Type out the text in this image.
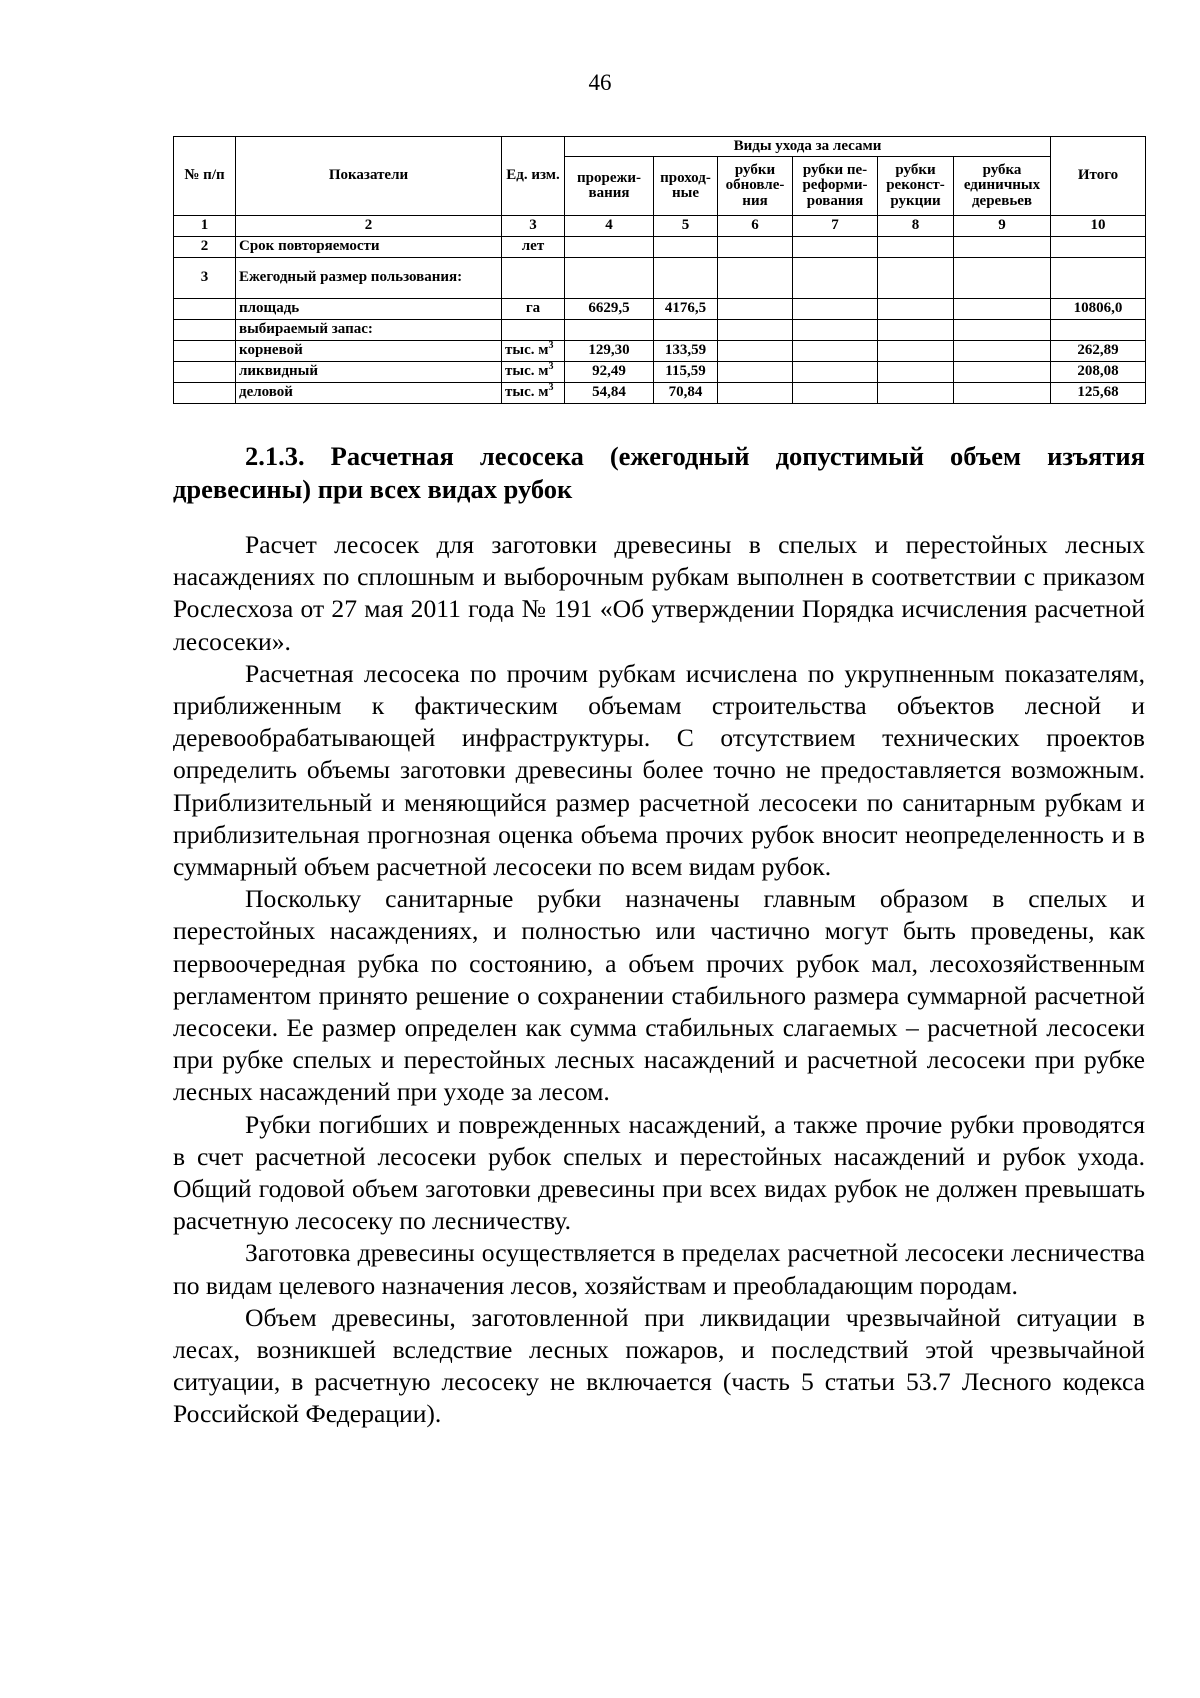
46
№ п/п	Показатели	Ед. изм.	Виды ухода за лесами						Итого
			прорежи-вания	проход-ные	рубки обновле-ния	рубки пе-реформи-рования	рубки реконст-рукции	рубка единичных деревьев	
1	2	3	4	5	6	7	8	9	10
2	Срок повторяемости	лет							
3	Ежегодный размер пользования:								
	площадь	га	6629,5	4176,5					10806,0
	выбираемый запас:								
	корневой	тыс. $м^3$	129,30	133,59					262,89
	ликвидный	тыс. $м^3$	92,49	115,59					208,08
	деловой	тыс. $м^3$	54,84	70,84					125,68
2.1.3. Расчетная лесосека (ежегодный допустимый объем изъятия древесины) при всех видах рубок

Расчет лесосек для заготовки древесины в спелых и перестойных лесных насаждениях по сплошным и выборочным рубкам выполнен в соответствии с приказом Рослесхоза от 27 мая 2011 года № 191 «Об утверждении Порядка исчисления расчетной лесосеки».

Расчетная лесосека по прочим рубкам исчислена по укрупненным показателям, приближенным к фактическим объемам строительства объектов лесной и деревообрабатывающей инфраструктуры. С отсутствием технических проектов определить объемы заготовки древесины более точно не предоставляется возможным. Приблизительный и меняющийся размер расчетной лесосеки по санитарным рубкам и приблизительная прогнозная оценка объема прочих рубок вносит неопределенность и в суммарный объем расчетной лесосеки по всем видам рубок.

Поскольку санитарные рубки назначены главным образом в спелых и перестойных насаждениях, и полностью или частично могут быть проведены, как первоочередная рубка по состоянию, а объем прочих рубок мал, лесохозяйственным регламентом принято решение о сохранении стабильного размера суммарной расчетной лесосеки. Ее размер определен как сумма стабильных слагаемых – расчетной лесосеки при рубке спелых и перестойных лесных насаждений и расчетной лесосеки при рубке лесных насаждений при уходе за лесом.

Рубки погибших и поврежденных насаждений, а также прочие рубки проводятся в счет расчетной лесосеки рубок спелых и перестойных насаждений и рубок ухода. Общий годовой объем заготовки древесины при всех видах рубок не должен превышать расчетную лесосеку по лесничеству.

Заготовка древесины осуществляется в пределах расчетной лесосеки лесничества по видам целевого назначения лесов, хозяйствам и преобладающим породам.

Объем древесины, заготовленной при ликвидации чрезвычайной ситуации в лесах, возникшей вследствие лесных пожаров, и последствий этой чрезвычайной ситуации, в расчетную лесосеку не включается (часть 5 статьи 53.7 Лесного кодекса Российской Федерации).
